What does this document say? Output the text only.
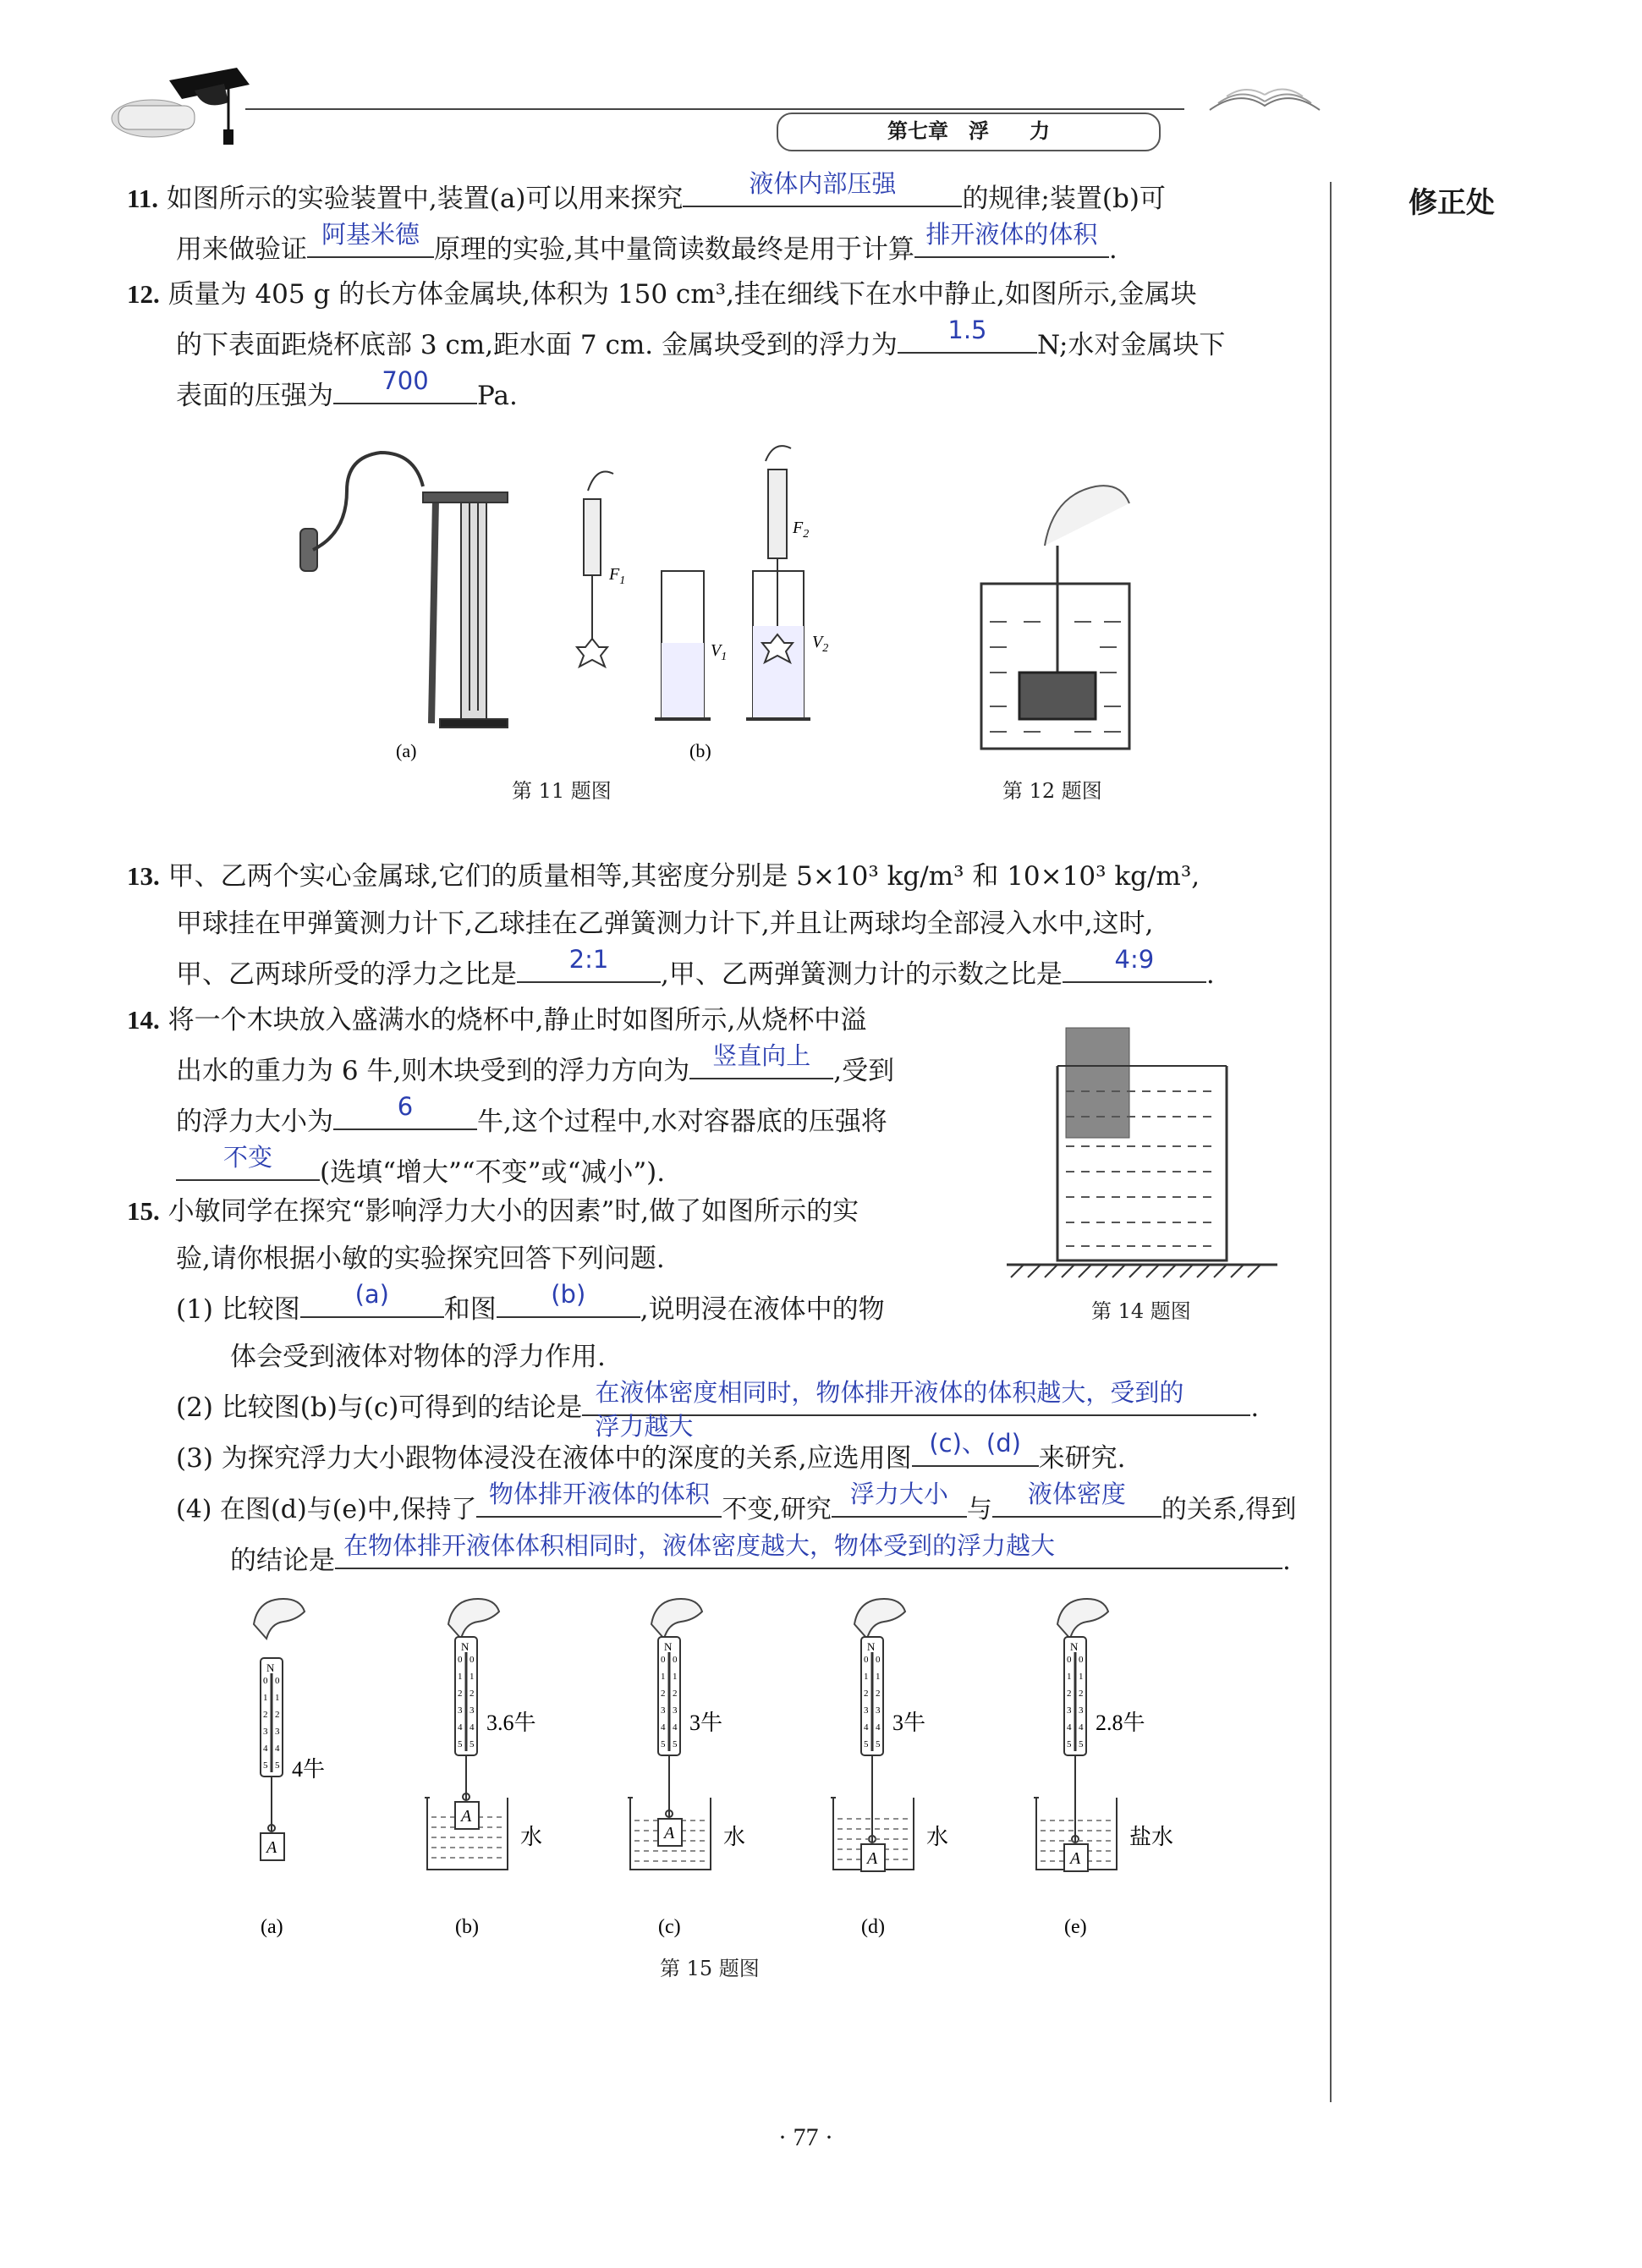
第七章　浮　　力
修正处
11. 如图所示的实验装置中,装置(a)可以用来探究	液体内部压强	的规律;装置(b)可
用来做验证 阿基米德 原理的实验,其中量筒读数最终是用于计算 排开液体的体积 .
12. 质量为 405 g 的长方体金属块,体积为 150 cm³,挂在细线下在水中静止,如图所示,金属块
的下表面距烧杯底部 3 cm,距水面 7 cm. 金属块受到的浮力为	1.5	N;水对金属块下
表面的压强为	700	Pa.
(a)
$F_1$
$V_1$
$F_2$
$V_2$
(b)
第 11 题图	第 12 题图
13. 甲、乙两个实心金属球,它们的质量相等,其密度分别是 5×10³ kg/m³ 和 10×10³ kg/m³,
甲球挂在甲弹簧测力计下,乙球挂在乙弹簧测力计下,并且让两球均全部浸入水中,这时,
甲、乙两球所受的浮力之比是	2:1	,甲、乙两弹簧测力计的示数之比是	4:9	.
14. 将一个木块放入盛满水的烧杯中,静止时如图所示,从烧杯中溢
出水的重力为 6 牛,则木块受到的浮力方向为 竖直向上 ,受到
的浮力大小为	6	牛,这个过程中,水对容器底的压强将
不变	(选填“增大”“不变”或“减小”).
第 14 题图
15. 小敏同学在探究“影响浮力大小的因素”时,做了如图所示的实
验,请你根据小敏的实验探究回答下列问题.
(1) 比较图	(a)	和图	(b)	,说明浸在液体中的物
体会受到液体对物体的浮力作用.
(2) 比较图(b)与(c)可得到的结论是 在液体密度相同时，物体排开液体的体积越大，受到的
浮力越大
.
(3) 为探究浮力大小跟物体浸没在液体中的深度的关系,应选用图 (c)、(d) 来研究.
(4) 在图(d)与(e)中,保持了
物体排开液体的体积
不变,研究
浮力大小
与
液体密度
的关系,得到
的结论是 在物体排开液体体积相同时，液体密度越大，物体受到的浮力越大	.
N
0 0
1 1
2 2
3 3
4 4
5 5 4牛
A
(a)
N
0 0
1 1
2 2
3 3
4 4
5 5
3.6牛
水
A
(b)
N
0 0
1 1
2 2
3 3
4 4
5 5
3牛
水
A
(c)
N
0 0
1 1
2 2
3 3
4 4
5 5
3牛
水
A
(d)
N
0 0
1 1
2 2
3 3
4 4
5 5
2.8牛
盐水
A
(e)
第 15 题图
· 77 ·
